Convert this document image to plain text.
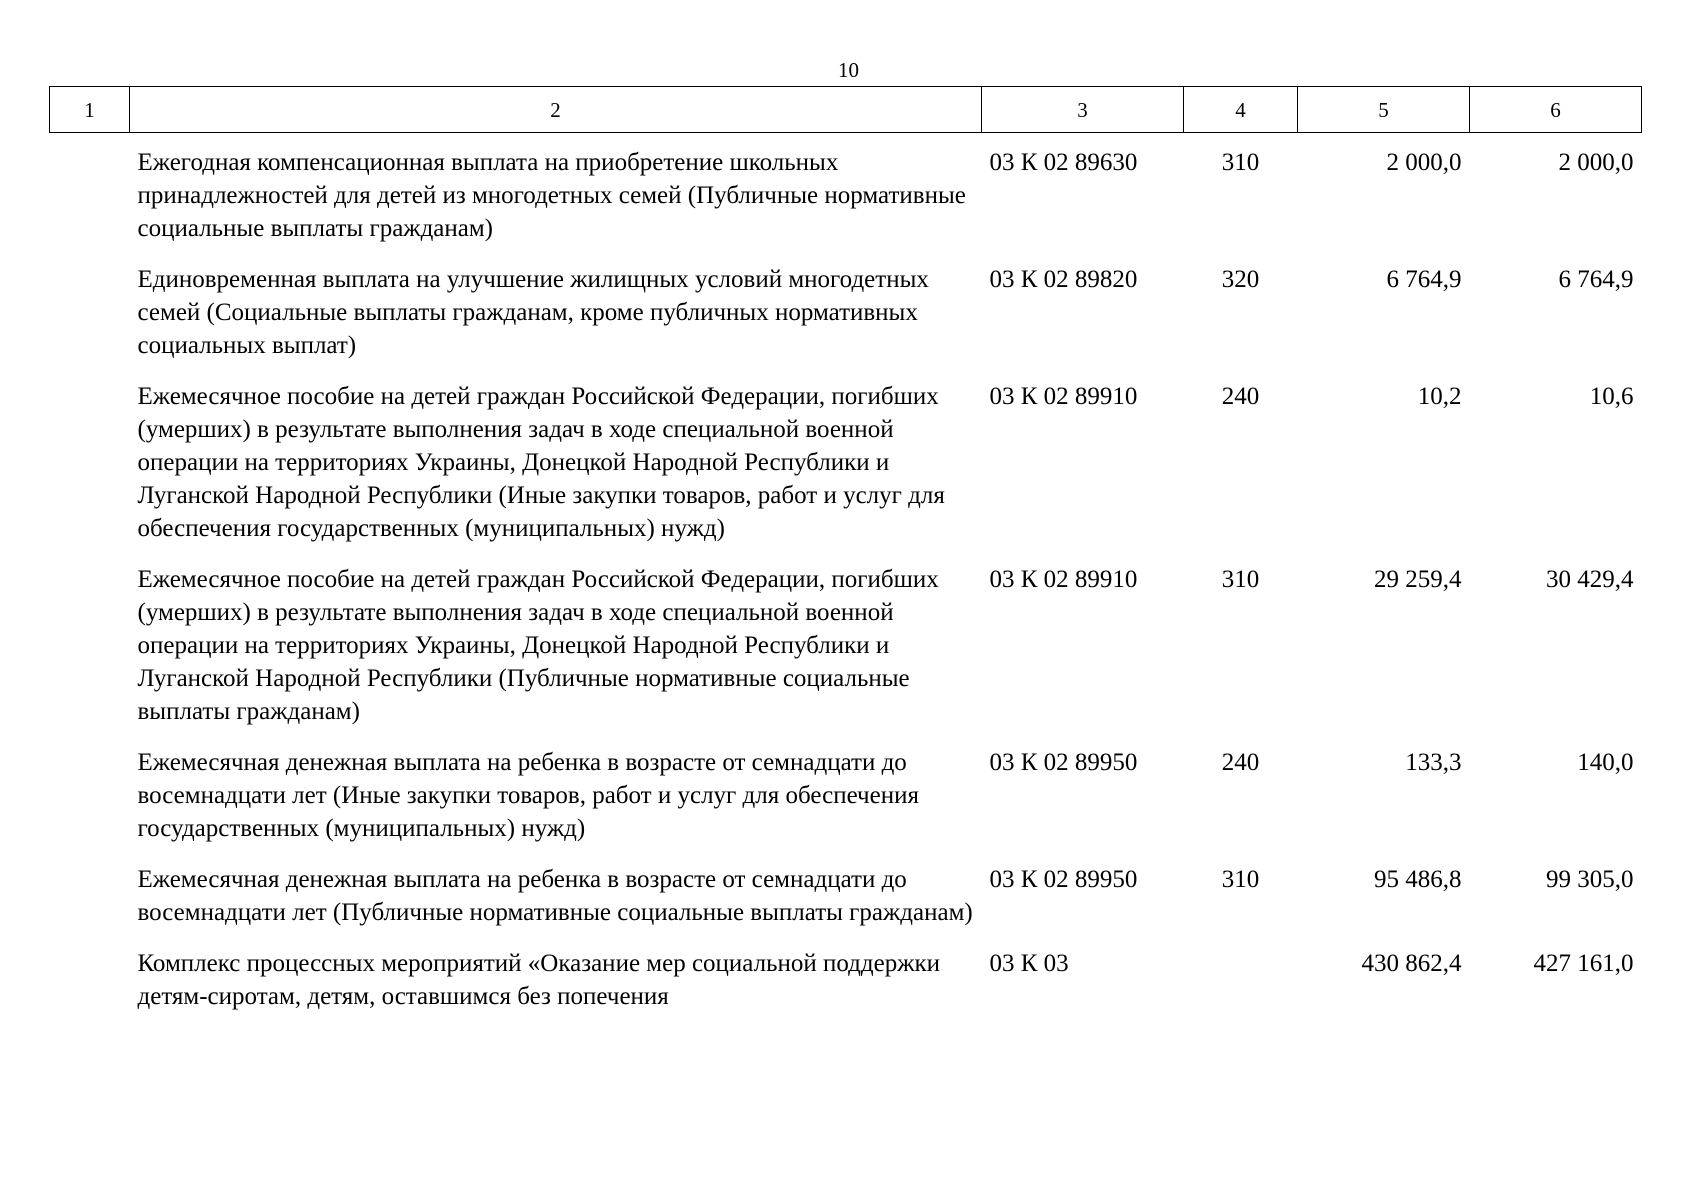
10
1	2	3	4	5	6
	Ежегодная компенсационная выплата на приобретение школьных принадлежностей для детей из многодетных семей (Публичные нормативные социальные выплаты гражданам)	03 К 02 89630	310	2 000,0	2 000,0
	Единовременная выплата на улучшение жилищных условий многодетных семей (Социальные выплаты гражданам, кроме публичных нормативных социальных выплат)	03 К 02 89820	320	6 764,9	6 764,9
	Ежемесячное пособие на детей граждан Российской Федерации, погибших (умерших) в результате выполнения задач в ходе специальной военной операции на территориях Украины, Донецкой Народной Республики и Луганской Народной Республики (Иные закупки товаров, работ и услуг для обеспечения государственных (муниципальных) нужд)	03 К 02 89910	240	10,2	10,6
	Ежемесячное пособие на детей граждан Российской Федерации, погибших (умерших) в результате выполнения задач в ходе специальной военной операции на территориях Украины, Донецкой Народной Республики и Луганской Народной Республики (Публичные нормативные социальные выплаты гражданам)	03 К 02 89910	310	29 259,4	30 429,4
	Ежемесячная денежная выплата на ребенка в возрасте от семнадцати до восемнадцати лет (Иные закупки товаров, работ и услуг для обеспечения государственных (муниципальных) нужд)	03 К 02 89950	240	133,3	140,0
	Ежемесячная денежная выплата на ребенка в возрасте от семнадцати до восемнадцати лет (Публичные нормативные социальные выплаты гражданам)	03 К 02 89950	310	95 486,8	99 305,0
	Комплекс процессных мероприятий «Оказание мер социальной поддержки детям-сиротам, детям, оставшимся без попечения	03 К 03		430 862,4	427 161,0
